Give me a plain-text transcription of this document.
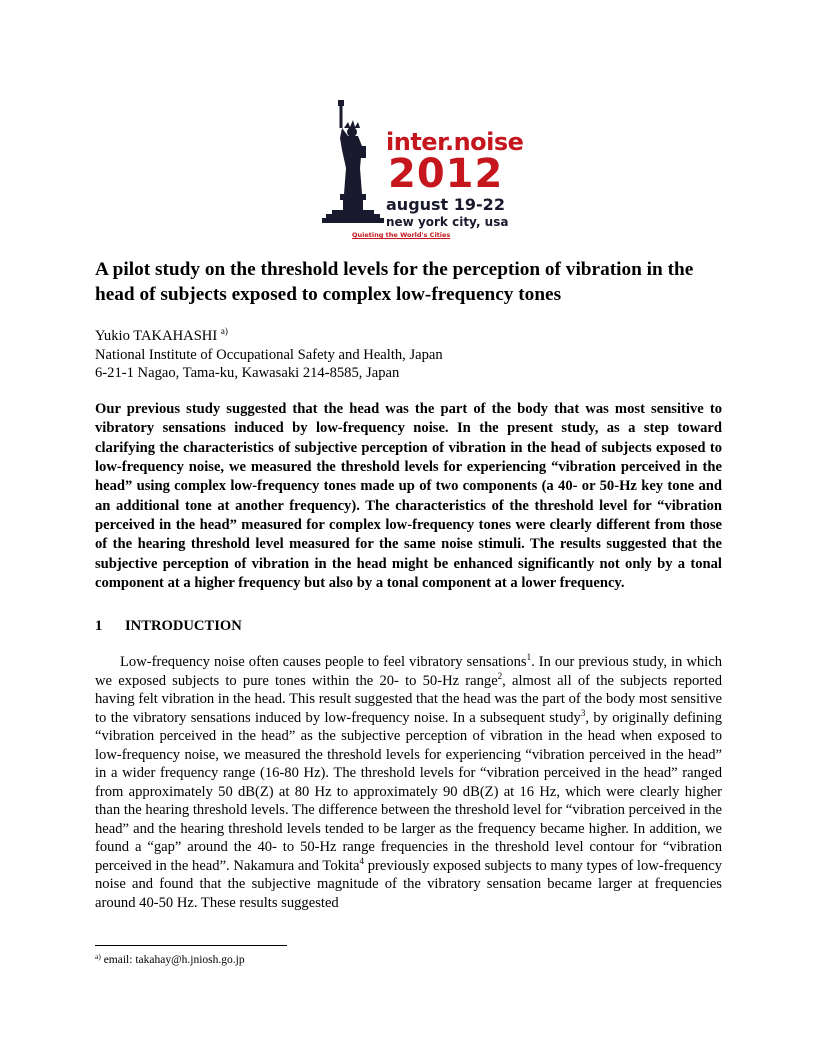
inter.noise
2012
august 19-22
new york city, usa
Quieting the World's Cities
A pilot study on the threshold levels for the perception of vibration in the head of subjects exposed to complex low-frequency tones
Yukio TAKAHASHI $^{a)}$
National Institute of Occupational Safety and Health, Japan
6-21-1 Nagao, Tama-ku, Kawasaki 214-8585, Japan

Our previous study suggested that the head was the part of the body that was most sensitive to vibratory sensations induced by low-frequency noise. In the present study, as a step toward clarifying the characteristics of subjective perception of vibration in the head of subjects exposed to low-frequency noise, we measured the threshold levels for experiencing “vibration perceived in the head” using complex low-frequency tones made up of two components (a 40- or 50-Hz key tone and an additional tone at another frequency). The characteristics of the threshold level for “vibration perceived in the head” measured for complex low-frequency tones were clearly different from those of the hearing threshold level measured for the same noise stimuli. The results suggested that the subjective perception of vibration in the head might be enhanced significantly not only by a tonal component at a higher frequency but also by a tonal component at a lower frequency.

1 INTRODUCTION

Low-frequency noise often causes people to feel vibratory sensations$^1$. In our previous study, in which we exposed subjects to pure tones within the 20- to 50-Hz range$^2$, almost all of the subjects reported having felt vibration in the head. This result suggested that the head was the part of the body most sensitive to the vibratory sensations induced by low-frequency noise. In a subsequent study$^3$, by originally defining “vibration perceived in the head” as the subjective perception of vibration in the head when exposed to low-frequency noise, we measured the threshold levels for experiencing “vibration perceived in the head” in a wider frequency range (16-80 Hz). The threshold levels for “vibration perceived in the head” ranged from approximately 50 dB(Z) at 80 Hz to approximately 90 dB(Z) at 16 Hz, which were clearly higher than the hearing threshold levels. The difference between the threshold level for “vibration perceived in the head” and the hearing threshold levels tended to be larger as the frequency became higher. In addition, we found a “gap” around the 40- to 50-Hz range frequencies in the threshold level contour for “vibration perceived in the head”. Nakamura and Tokita$^4$ previously exposed subjects to many types of low-frequency noise and found that the subjective magnitude of the vibratory sensation became larger at frequencies around 40-50 Hz. These results suggested

$^{a)}$ email: takahay@h.jniosh.go.jp
